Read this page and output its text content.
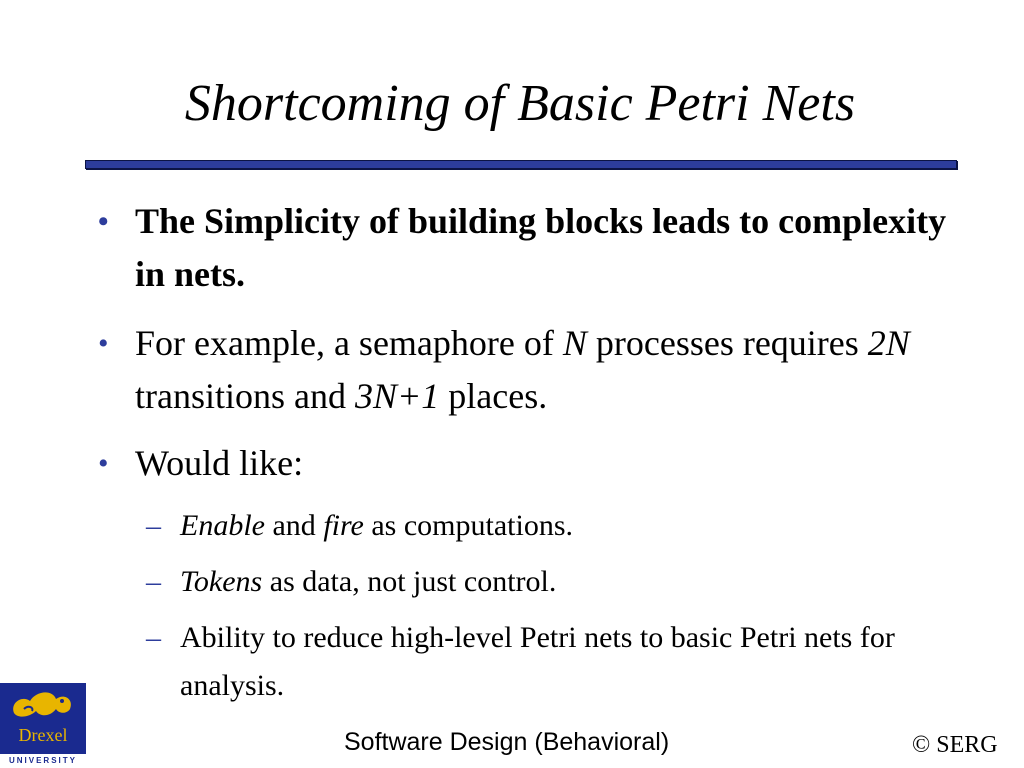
Shortcoming of Basic Petri Nets
• The Simplicity of building blocks leads to complexity in nets.
• For example, a semaphore of N processes requires 2N transitions and 3N+1 places.
• Would like:
– Enable and fire as computations.
– Tokens as data, not just control.
– Ability to reduce high-level Petri nets to basic Petri nets for analysis.
Drexel
UNIVERSITY
Software Design (Behavioral)	© SERG
